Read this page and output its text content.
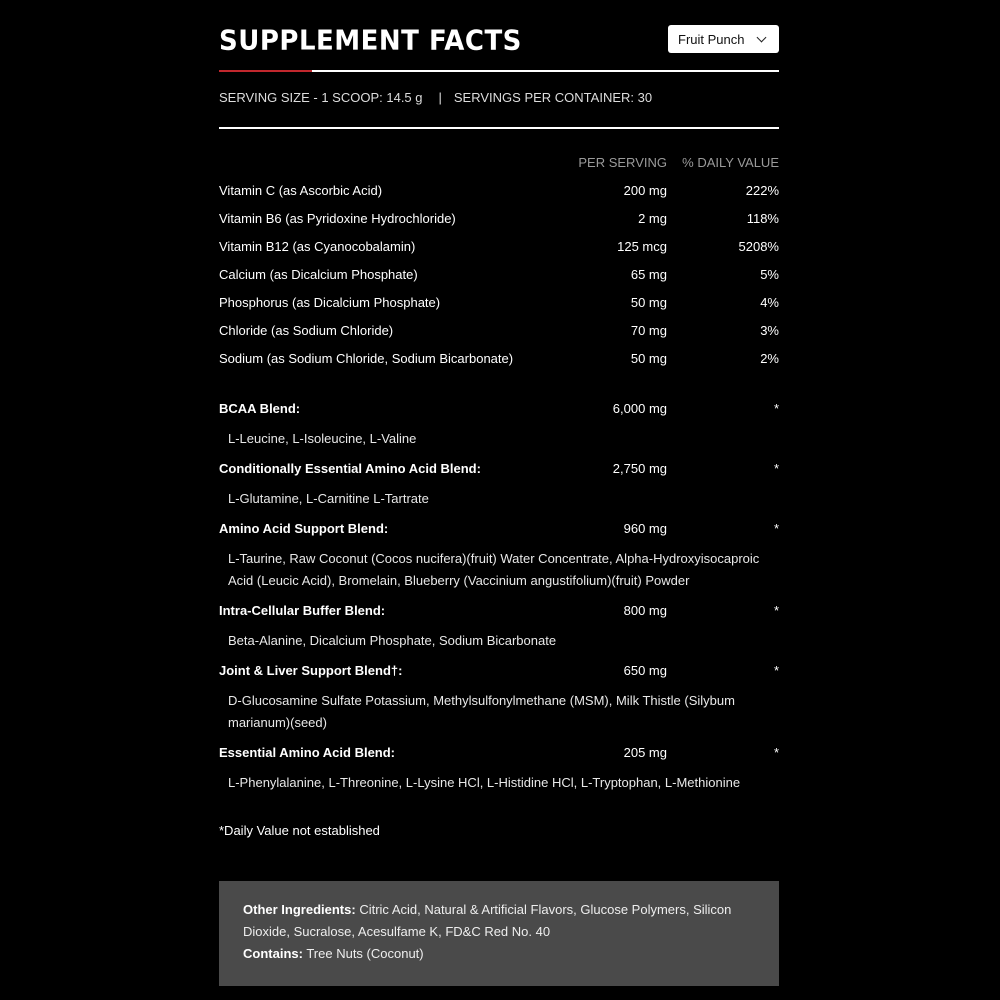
SUPPLEMENT FACTS	Fruit Punch
SERVING SIZE - 1 SCOOP: 14.5 g | SERVINGS PER CONTAINER: 30
PER SERVING % DAILY VALUE
Vitamin C (as Ascorbic Acid)	200 mg	222%
Vitamin B6 (as Pyridoxine Hydrochloride)	2 mg	118%
Vitamin B12 (as Cyanocobalamin)	125 mcg	5208%
Calcium (as Dicalcium Phosphate)	65 mg	5%
Phosphorus (as Dicalcium Phosphate)	50 mg	4%
Chloride (as Sodium Chloride)	70 mg	3%
Sodium (as Sodium Chloride, Sodium Bicarbonate)	50 mg	2%
BCAA Blend:	6,000 mg	*
L-Leucine, L-Isoleucine, L-Valine
Conditionally Essential Amino Acid Blend:	2,750 mg	*
L-Glutamine, L-Carnitine L-Tartrate
Amino Acid Support Blend:	960 mg	*
L-Taurine, Raw Coconut (Cocos nucifera)(fruit) Water Concentrate, Alpha-Hydroxyisocaproic Acid (Leucic Acid), Bromelain, Blueberry (Vaccinium angustifolium)(fruit) Powder
Intra-Cellular Buffer Blend:	800 mg	*
Beta-Alanine, Dicalcium Phosphate, Sodium Bicarbonate
Joint & Liver Support Blend†:	650 mg	*
D-Glucosamine Sulfate Potassium, Methylsulfonylmethane (MSM), Milk Thistle (Silybum marianum)(seed)
Essential Amino Acid Blend:	205 mg	*
L-Phenylalanine, L-Threonine, L-Lysine HCl, L-Histidine HCl, L-Tryptophan, L-Methionine
*Daily Value not established
Other Ingredients: Citric Acid, Natural & Artificial Flavors, Glucose Polymers, Silicon Dioxide, Sucralose, Acesulfame K, FD&C Red No. 40
Contains: Tree Nuts (Coconut)
